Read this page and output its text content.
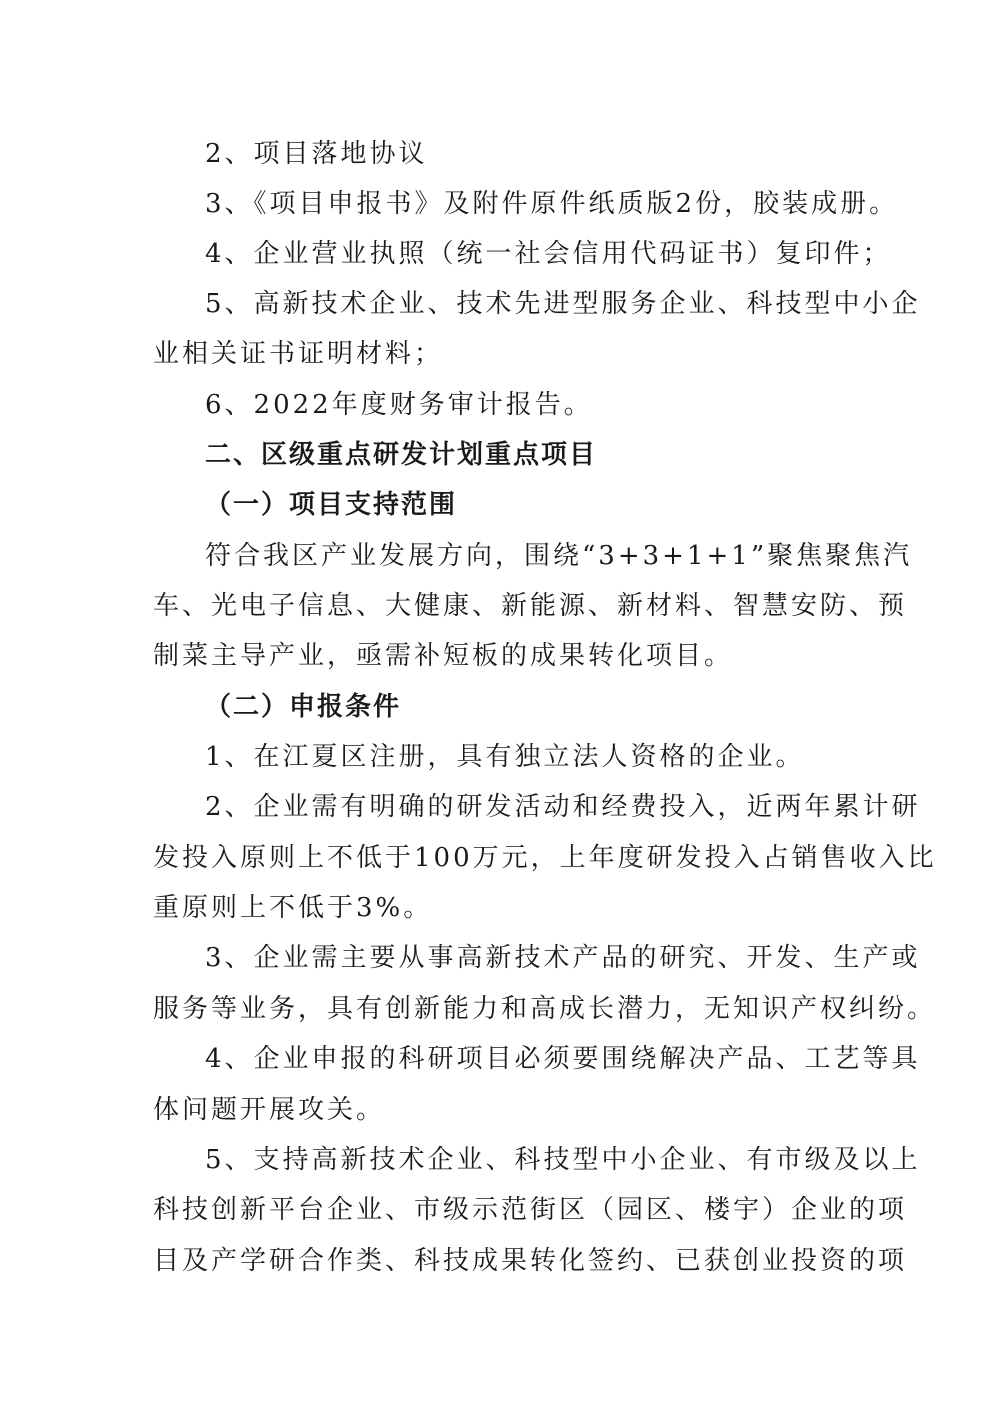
2、项目落地协议
3、《项目申报书》及附件原件纸质版2份，胶装成册。
4、企业营业执照（统一社会信用代码证书）复印件；
5、高新技术企业、技术先进型服务企业、科技型中小企
业相关证书证明材料；
6、2022年度财务审计报告。
二、区级重点研发计划重点项目
（一）项目支持范围
符合我区产业发展方向，围绕“3+3+1+1”聚焦聚焦汽
车、光电子信息、大健康、新能源、新材料、智慧安防、预
制菜主导产业，亟需补短板的成果转化项目。
（二）申报条件
1、在江夏区注册，具有独立法人资格的企业。
2、企业需有明确的研发活动和经费投入，近两年累计研
发投入原则上不低于100万元，上年度研发投入占销售收入比
重原则上不低于3%。
3、企业需主要从事高新技术产品的研究、开发、生产或
服务等业务，具有创新能力和高成长潜力，无知识产权纠纷。
4、企业申报的科研项目必须要围绕解决产品、工艺等具
体问题开展攻关。
5、支持高新技术企业、科技型中小企业、有市级及以上
科技创新平台企业、市级示范街区（园区、楼宇）企业的项
目及产学研合作类、科技成果转化签约、已获创业投资的项
